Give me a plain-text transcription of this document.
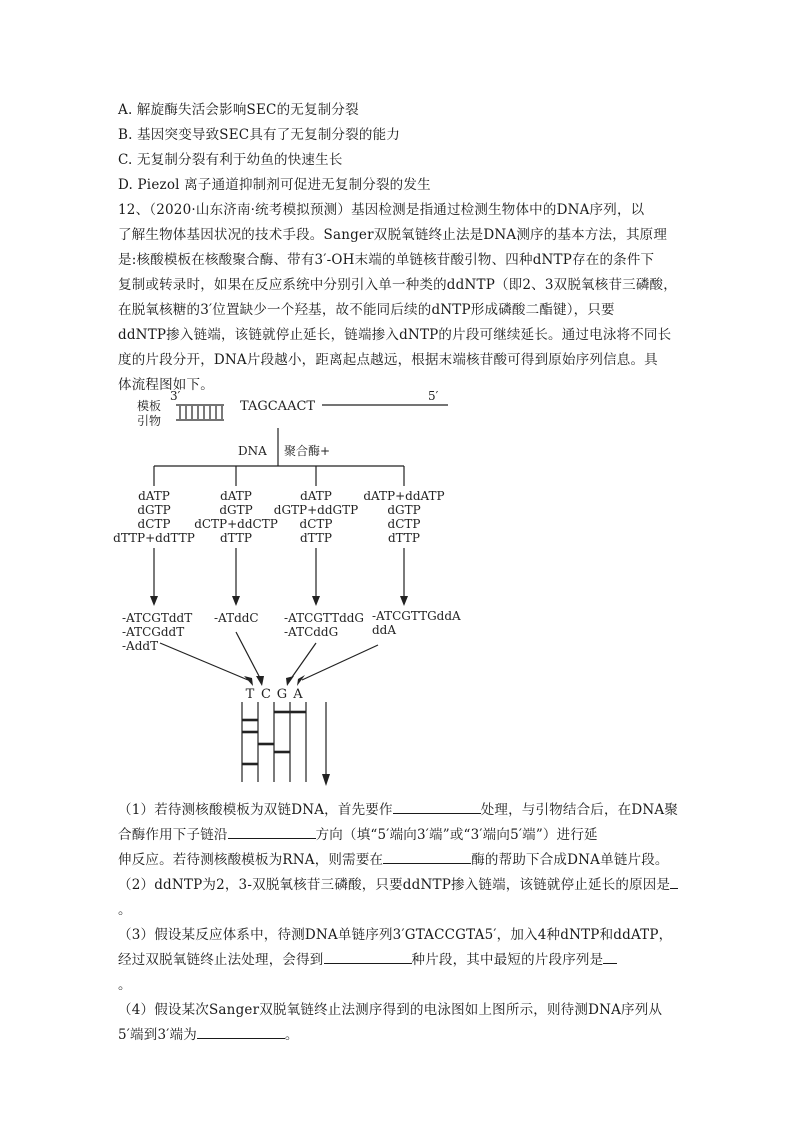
A. 解旋酶失活会影响SEC的无复制分裂
B. 基因突变导致SEC具有了无复制分裂的能力
C. 无复制分裂有利于幼鱼的快速生长
D. Piezol 离子通道抑制剂可促进无复制分裂的发生
12、（2020·山东济南·统考模拟预测）基因检测是指通过检测生物体中的DNA序列，以
了解生物体基因状况的技术手段。Sanger双脱氧链终止法是DNA测序的基本方法，其原理
是:核酸模板在核酸聚合酶、带有3′-OH末端的单链核苷酸引物、四种dNTP存在的条件下
复制或转录时，如果在反应系统中分别引入单一种类的ddNTP（即2、3双脱氧核苷三磷酸，
在脱氧核糖的3′位置缺少一个羟基，故不能同后续的dNTP形成磷酸二酯键），只要
ddNTP掺入链端，该链就停止延长，链端掺入dNTP的片段可继续延长。通过电泳将不同长
度的片段分开，DNA片段越小，距离起点越远，根据末端核苷酸可得到原始序列信息。具
体流程图如下。
模板
引物
3′	5′
TAGCAACT
DNA 聚合酶+
dATP
dGTP
dCTP
dTTP+ddTTP
dATP
dGTP
dCTP+ddCTP
dTTP
dATP
dGTP+ddGTP
dCTP
dTTP
dATP+ddATP
dGTP
dCTP
dTTP
-ATCGTddT
-ATCGddT
-AddT
-ATddC -ATCGTTddG
-ATCddG
-ATCGTTGddA
ddA
T C G A
（1）若待测核酸模板为双链DNA，首先要作	处理，与引物结合后，在DNA聚
合酶作用下子链沿	方向（填“5′端向3′端”或“3′端向5′端”）进行延
伸反应。若待测核酸模板为RNA，则需要在	酶的帮助下合成DNA单链片段。
（2）ddNTP为2，3-双脱氧核苷三磷酸，只要ddNTP掺入链端，该链就停止延长的原因是
。
（3）假设某反应体系中，待测DNA单链序列3′GTACCGTA5′，加入4种dNTP和ddATP，
经过双脱氧链终止法处理，会得到	种片段，其中最短的片段序列是
。
（4）假设某次Sanger双脱氧链终止法测序得到的电泳图如上图所示，则待测DNA序列从
5′端到3′端为	。
